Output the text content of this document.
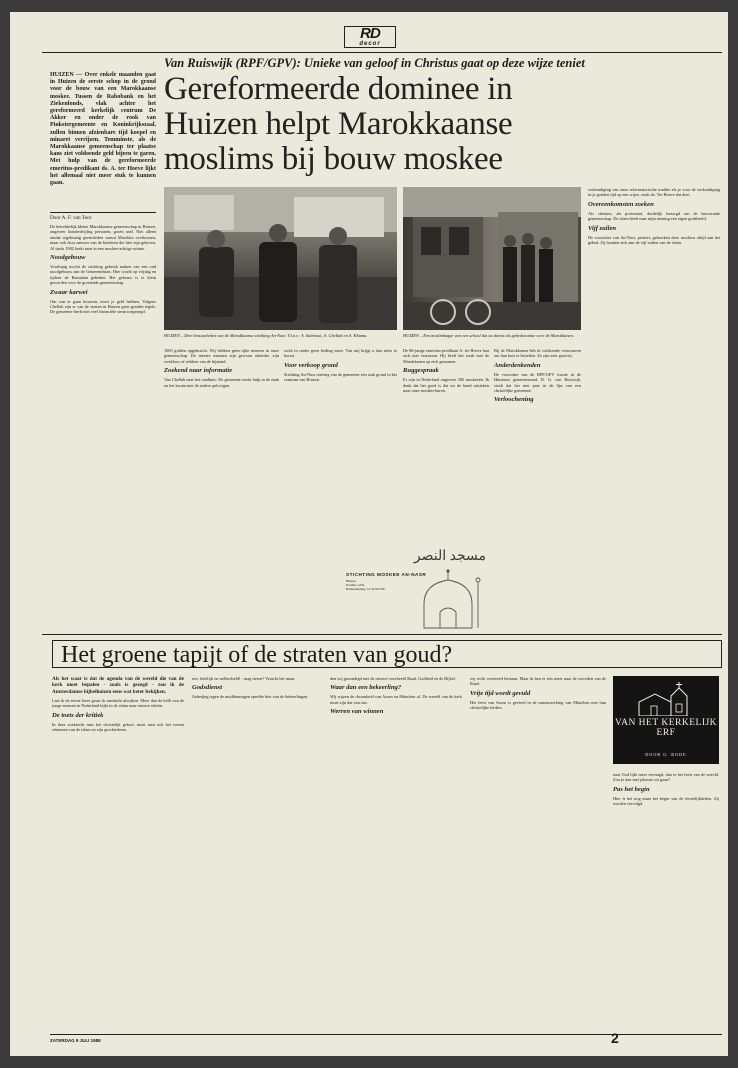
RD
decor
Van Ruiswijk (RPF/GPV): Unieke van geloof in Christus gaat op deze wijze teniet
Gereformeerde dominee in Huizen helpt Marokkaanse moslims bij bouw moskee
HUIZEN — Over enkele maanden gaat in Huizen de eerste schop in de grond voor de bouw van een Marokkaanse moskee. Tussen de Rabobank en het Ziekenfonds, vlak achter het gereformeerd kerkelijk centrum De Akker en onder de rook van Pinkstergemeente en Koninkrijkszaal, zullen binnen afzienbare tijd koepel en minaret verrijzen. Temminste, als de Marokkaanse gemeenschap ter plaatse kans ziet voldoende geld bijeen te garen. Met hulp van de gereformeerde emeritus-predikant ds. A. ter Hoeve lijkt het allemaal niet meer stuk te kunnen gaan.
Door A. F. van Toor
HUIZEN – Drie bestuurleden van de Marokkaanse stichting An-Nasr. V.l.n.r.: A. Salmioui, A. Chellah en A. Khama.	HUIZEN – Een moslimkapje van een school dat nu dienst als gebedsruimte voor de Marokkanen.

De betrekkelijk kleine Marokkaanse gemeenschap in Huizen, ongeveer honderdvijftig personen, groeit snel. Niet alleen omdat regelmatig gezinsleden vanuit Marokko overkomen, maar ook door aanwas van de kinderen die hier zijn geboren. Al sinds 1982 kerkt men in een moskee-achtige ruimte.

Noodgebouw

Voorlopig mocht de stichting gebruik maken van een oud noodgebouw aan de Gemeentelaan. Hier wordt op vrijdag en tijdens de Ramadan gebeden. Het gebouw is te klein geworden voor de groeiende gemeenschap.

Zwaar karwei

Om van te gaan bouwen, moet je geld hebben. Volgens Chellah zijn er van de straten in Huizen geen gouden tegels. De gemeente heeft niet veel financiële steun toegezegd.

1000 gulden opgebracht. Wij hebben geen rijke mensen in onze gemeenschap. De meeste mannen zijn gewoon arbeider, zijn werkloos of trekken van de bijstand.

Zoekend naar informatie

Van Chellah naar het raadhuis: De gemeente zoekt hulp in de zaak en het kwam met de andere gelovigen.

werk in onder geen leiding meer. Van mij krijgt u dan niets te horen.

Voor verkoop grond

Stichting An-Nasr ontving van de gemeente een stuk grond in het centrum van Huizen.

De 86-jarige emeritus-predikant A. ter Hoeve laat zich niet verrassen. Hij heeft het werk met de Marokkanen op zich genomen.

Ruggespraak

Er zijn in Nederland ongeveer 300 moskeeën. Ik denk dat het goed is dat we de hand uitsteken naar onze moslim-buren.

Bij de Marokkanen heb ik voldoende vertrouwen om hun huis te betreden. Ze zijn zeer gastvrij.

Anderdenkenden

De voorzitter van de RPF/GPV fractie in de Huizense gemeenteraad, B. G. van Ruiswijk, vindt dat het niet past in de lijn van een christelijke gemeente.

Verloochening

verkondiging van onze reformatorische traditie als je voor de verkondiging in je gouden tijd op een wijze, zoals ds. Ter Hoeve dat doet.

Overeenkomsten zoeken

Als christen, als protestant, duidelijk bezorgd om de hervormde gemeenschap. De islam heeft naar mijn mening een eigen godsbeeld.

Vijf zuilen

De voorzitter van An-Nasr, pretiert, gebruiken deze moslims altijd aan het gebed. Zij houden zich aan de vijf zuilen van de islam.

STICHTING MOSKEE AN-NASR
Huizen
Postbus 1234
Bankrekening: 12.34.56.789
مسجد النصر
Het groene tapijt of de straten van goud?

Als het waar is dat de agenda van de wereld die van de kerk moet bepalen - zoals is gezegd - zou ik de Amsterdamse bijbelhuizen eens wat beter bekijken.

Laat ik de eerste lezer gauw ik aandacht afwijken. Meer dan de helft van de jonge mensen in Nederland kijkt in de islam naar nieuwe ideeën.

De toets der kritiek

In deze zoektocht naar het christelijk geloof, moet men ook het wezen erkennen van de islam en zijn geschiedenis.

ren, liefelijk en welbedoeld! - mag tieren? Veracht het maar.

Godsdienst

Gebedjeg tegen de muiltheningen speelde hier van de bekeerlingen.

den wij gezondigd met de nieuwe voorbeeld Raad, Godheid en de Bijbel.

Waar dan een bekeerling?

Wij wijzen de dwaasheid van Assen en München af. De wereld van de kerk moet zijn dat van ons.

Werren van winnen

wij recht overtreed bestaan. Maar ik ben er iets meer naar de woorden van de Raad.

Vrije tijd wordt gevuld

Het feest van Assen is gevierd in de samenwerking van München met hun christelijke leiders.

VAN HET KERKELIJK ERF
DOOR G. RODE

naar God lijkt meer verenigd, dan er het feest van de wereld. Zou je dan met jaloezie uit gaan?

Pas het begin

Hier is het nog maar het begin van de feestelijkheden. Zij worden vervolgd.

ZATERDAG 9 JULI 1988	2
